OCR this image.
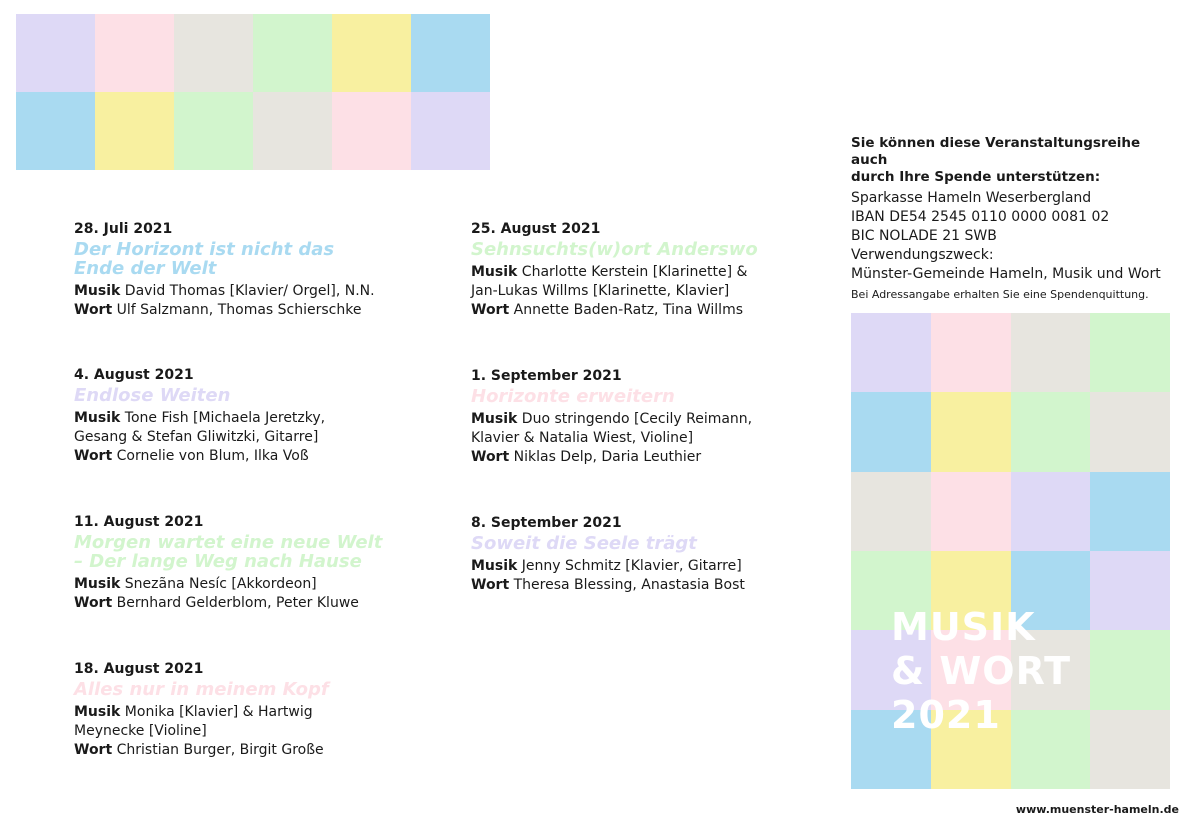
28. Juli 2021

Der Horizont ist nicht das
Ende der Welt

Musik David Thomas [Klavier/ Orgel], N.N.

Wort Ulf Salzmann, Thomas Schierschke

4. August 2021

Endlose Weiten

Musik Tone Fish [Michaela Jeretzky,

Gesang & Stefan Gliwitzki, Gitarre]

Wort Cornelie von Blum, Ilka Voß

11. August 2021

Morgen wartet eine neue Welt
– Der lange Weg nach Hause

Musik Snezãna Nesíc [Akkordeon]

Wort Bernhard Gelderblom, Peter Kluwe

18. August 2021

Alles nur in meinem Kopf

Musik Monika [Klavier] & Hartwig

Meynecke [Violine]

Wort Christian Burger, Birgit Große

25. August 2021

Sehnsuchts(w)ort Anderswo

Musik Charlotte Kerstein [Klarinette] &

Jan-Lukas Willms [Klarinette, Klavier]

Wort Annette Baden-Ratz, Tina Willms

1. September 2021

Horizonte erweitern

Musik Duo stringendo [Cecily Reimann,

Klavier & Natalia Wiest, Violine]

Wort Niklas Delp, Daria Leuthier

8. September 2021

Soweit die Seele trägt

Musik Jenny Schmitz [Klavier, Gitarre]

Wort Theresa Blessing, Anastasia Bost

Sie können diese Veranstaltungsreihe auch
durch Ihre Spende unterstützen:

Sparkasse Hameln Weserbergland

IBAN DE54 2545 0110 0000 0081 02

BIC NOLADE 21 SWB

Verwendungszweck:

Münster-Gemeinde Hameln, Musik und Wort

Bei Adressangabe erhalten Sie eine Spendenquittung.

MUSIK
& WORT
2021
www.muenster-hameln.de
